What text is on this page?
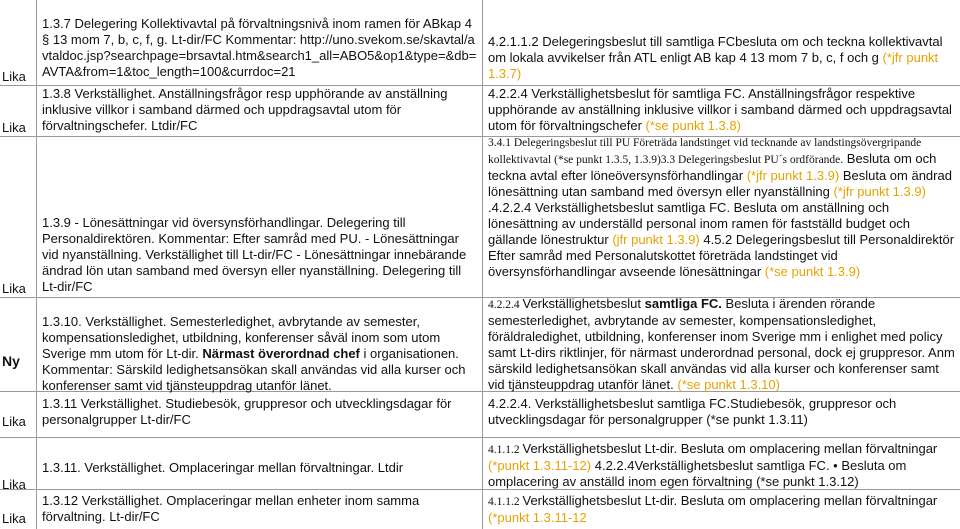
Lika

1.3.7 Delegering Kollektivavtal på förvaltningsnivå inom ramen för ABkap 4§ 13 mom 7, b, c, f, g. Lt-dir/FC Kommentar: http://uno.svekom.se/skavtal/avtaldoc.jsp?searchpage=brsavtal.htm&search1_all=ABO5&op1&type=&db=AVTA&from=1&toc_length=100&currdoc=21

4.2.1.1.2 Delegeringsbeslut till samtliga FCbesluta om och teckna kollektivavtal om lokala avvikelser från ATL enligt AB kap 4 13 mom 7 b, c, f och g (*jfr punkt 1.3.7)

Lika

1.3.8 Verkställighet. Anställningsfrågor resp upphörande av anställning inklusive villkor i samband därmed och uppdragsavtal utom för förvaltningschefer. Ltdir/FC

4.2.2.4 Verkställighetsbeslut för samtliga FC. Anställningsfrågor respektive upphörande av anställning inklusive villkor i samband därmed och uppdragsavtal utom för förvaltningschefer (*se punkt 1.3.8)

Lika

1.3.9 - Lönesättningar vid översynsförhandlingar. Delegering till Personaldirektören. Kommentar: Efter samråd med PU. - Lönesättningar vid nyanställning. Verkställighet till Lt-dir/FC - Lönesättningar innebärande ändrad lön utan samband med översyn eller nyanställning. Delegering till Lt-dir/FC

3.4.1 Delegeringsbeslut till PU Företräda landstinget vid tecknande av landstingsövergripande kollektivavtal (*se punkt 1.3.5, 1.3.9)3.3 Delegeringsbeslut PU´s ordförande. Besluta om och teckna avtal efter löneöversynsförhandlingar (*jfr punkt 1.3.9) Besluta om ändrad lönesättning utan samband med översyn eller nyanställning (*jfr punkt 1.3.9) .4.2.2.4 Verkställighetsbeslut samtliga FC. Besluta om anställning och lönesättning av underställd personal inom ramen för fastställd budget och gällande lönestruktur (jfr punkt 1.3.9) 4.5.2 Delegeringsbeslut till Personaldirektör Efter samråd med Personalutskottet företräda landstinget vid översynsförhandlingar avseende lönesättningar (*se punkt 1.3.9)

Ny

1.3.10. Verkställighet. Semesterledighet, avbrytande av semester, kompensationsledighet, utbildning, konferenser såväl inom som utom Sverige mm utom för Lt-dir. Närmast överordnad chef i organisationen. Kommentar: Särskild ledighetsansökan skall användas vid alla kurser och konferenser samt vid tjänsteuppdrag utanför länet.

4.2.2.4 Verkställighetsbeslut samtliga FC. Besluta i ärenden rörande semesterledighet, avbrytande av semester, kompensationsledighet, föräldraledighet, utbildning, konferenser inom Sverige mm i enlighet med policy samt Lt-dirs riktlinjer, för närmast underordnad personal, dock ej gruppresor. Anm särskild ledighetsansökan skall användas vid alla kurser och konferenser samt vid tjänsteuppdrag utanför länet. (*se punkt 1.3.10)

Lika

1.3.11 Verkställighet. Studiebesök, gruppresor och utvecklingsdagar för personalgrupper Lt-dir/FC

4.2.2.4. Verkställighetsbeslut samtliga FC.Studiebesök, gruppresor och utvecklingsdagar för personalgrupper (*se punkt 1.3.11)

Lika

1.3.11. Verkställighet. Omplaceringar mellan förvaltningar. Ltdir

4.1.1.2 Verkställighetsbeslut Lt-dir. Besluta om omplacering mellan förvaltningar (*punkt 1.3.11-12) 4.2.2.4Verkställighetsbeslut samtliga FC. • Besluta om omplacering av anställd inom egen förvaltning (*se punkt 1.3.12)

Lika

1.3.12 Verkställighet. Omplaceringar mellan enheter inom samma förvaltning. Lt-dir/FC

4.1.1.2 Verkställighetsbeslut Lt-dir. Besluta om omplacering mellan förvaltningar (*punkt 1.3.11-12
